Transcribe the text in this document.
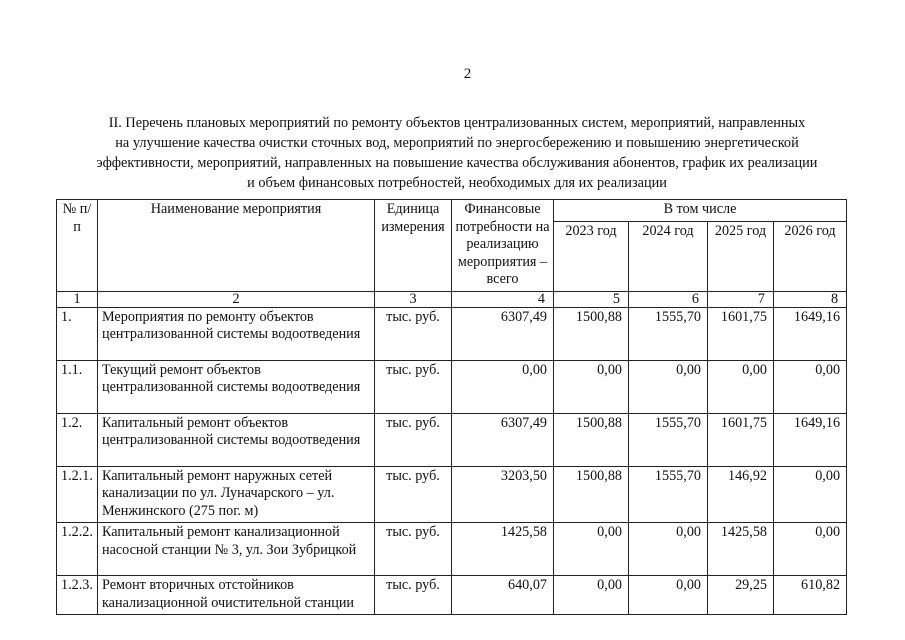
2
II. Перечень плановых мероприятий по ремонту объектов централизованных систем, мероприятий, направленных
на улучшение качества очистки сточных вод, мероприятий по энергосбережению и повышению энергетической
эффективности, мероприятий, направленных на повышение качества обслуживания абонентов, график их реализации
и объем финансовых потребностей, необходимых для их реализации
№ п/п	Наименование мероприятия	Единица измерения	Финансовые потребности на реализацию мероприятия – всего	В том числе			
				2023 год	2024 год	2025 год	2026 год
1	2	3	4	5	6	7	8
1.	Мероприятия по ремонту объектов централизованной системы водоотведения	тыс. руб.	6307,49	1500,88	1555,70	1601,75	1649,16
1.1.	Текущий ремонт объектов централизованной системы водоотведения	тыс. руб.	0,00	0,00	0,00	0,00	0,00
1.2.	Капитальный ремонт объектов централизованной системы водоотведения	тыс. руб.	6307,49	1500,88	1555,70	1601,75	1649,16
1.2.1.	Капитальный ремонт наружных сетей канализации по ул. Луначарского – ул. Менжинского (275 пог. м)	тыс. руб.	3203,50	1500,88	1555,70	146,92	0,00
1.2.2.	Капитальный ремонт канализационной насосной станции № 3, ул. Зои Зубрицкой	тыс. руб.	1425,58	0,00	0,00	1425,58	0,00
1.2.3.	Ремонт вторичных отстойников канализационной очистительной станции	тыс. руб.	640,07	0,00	0,00	29,25	610,82
